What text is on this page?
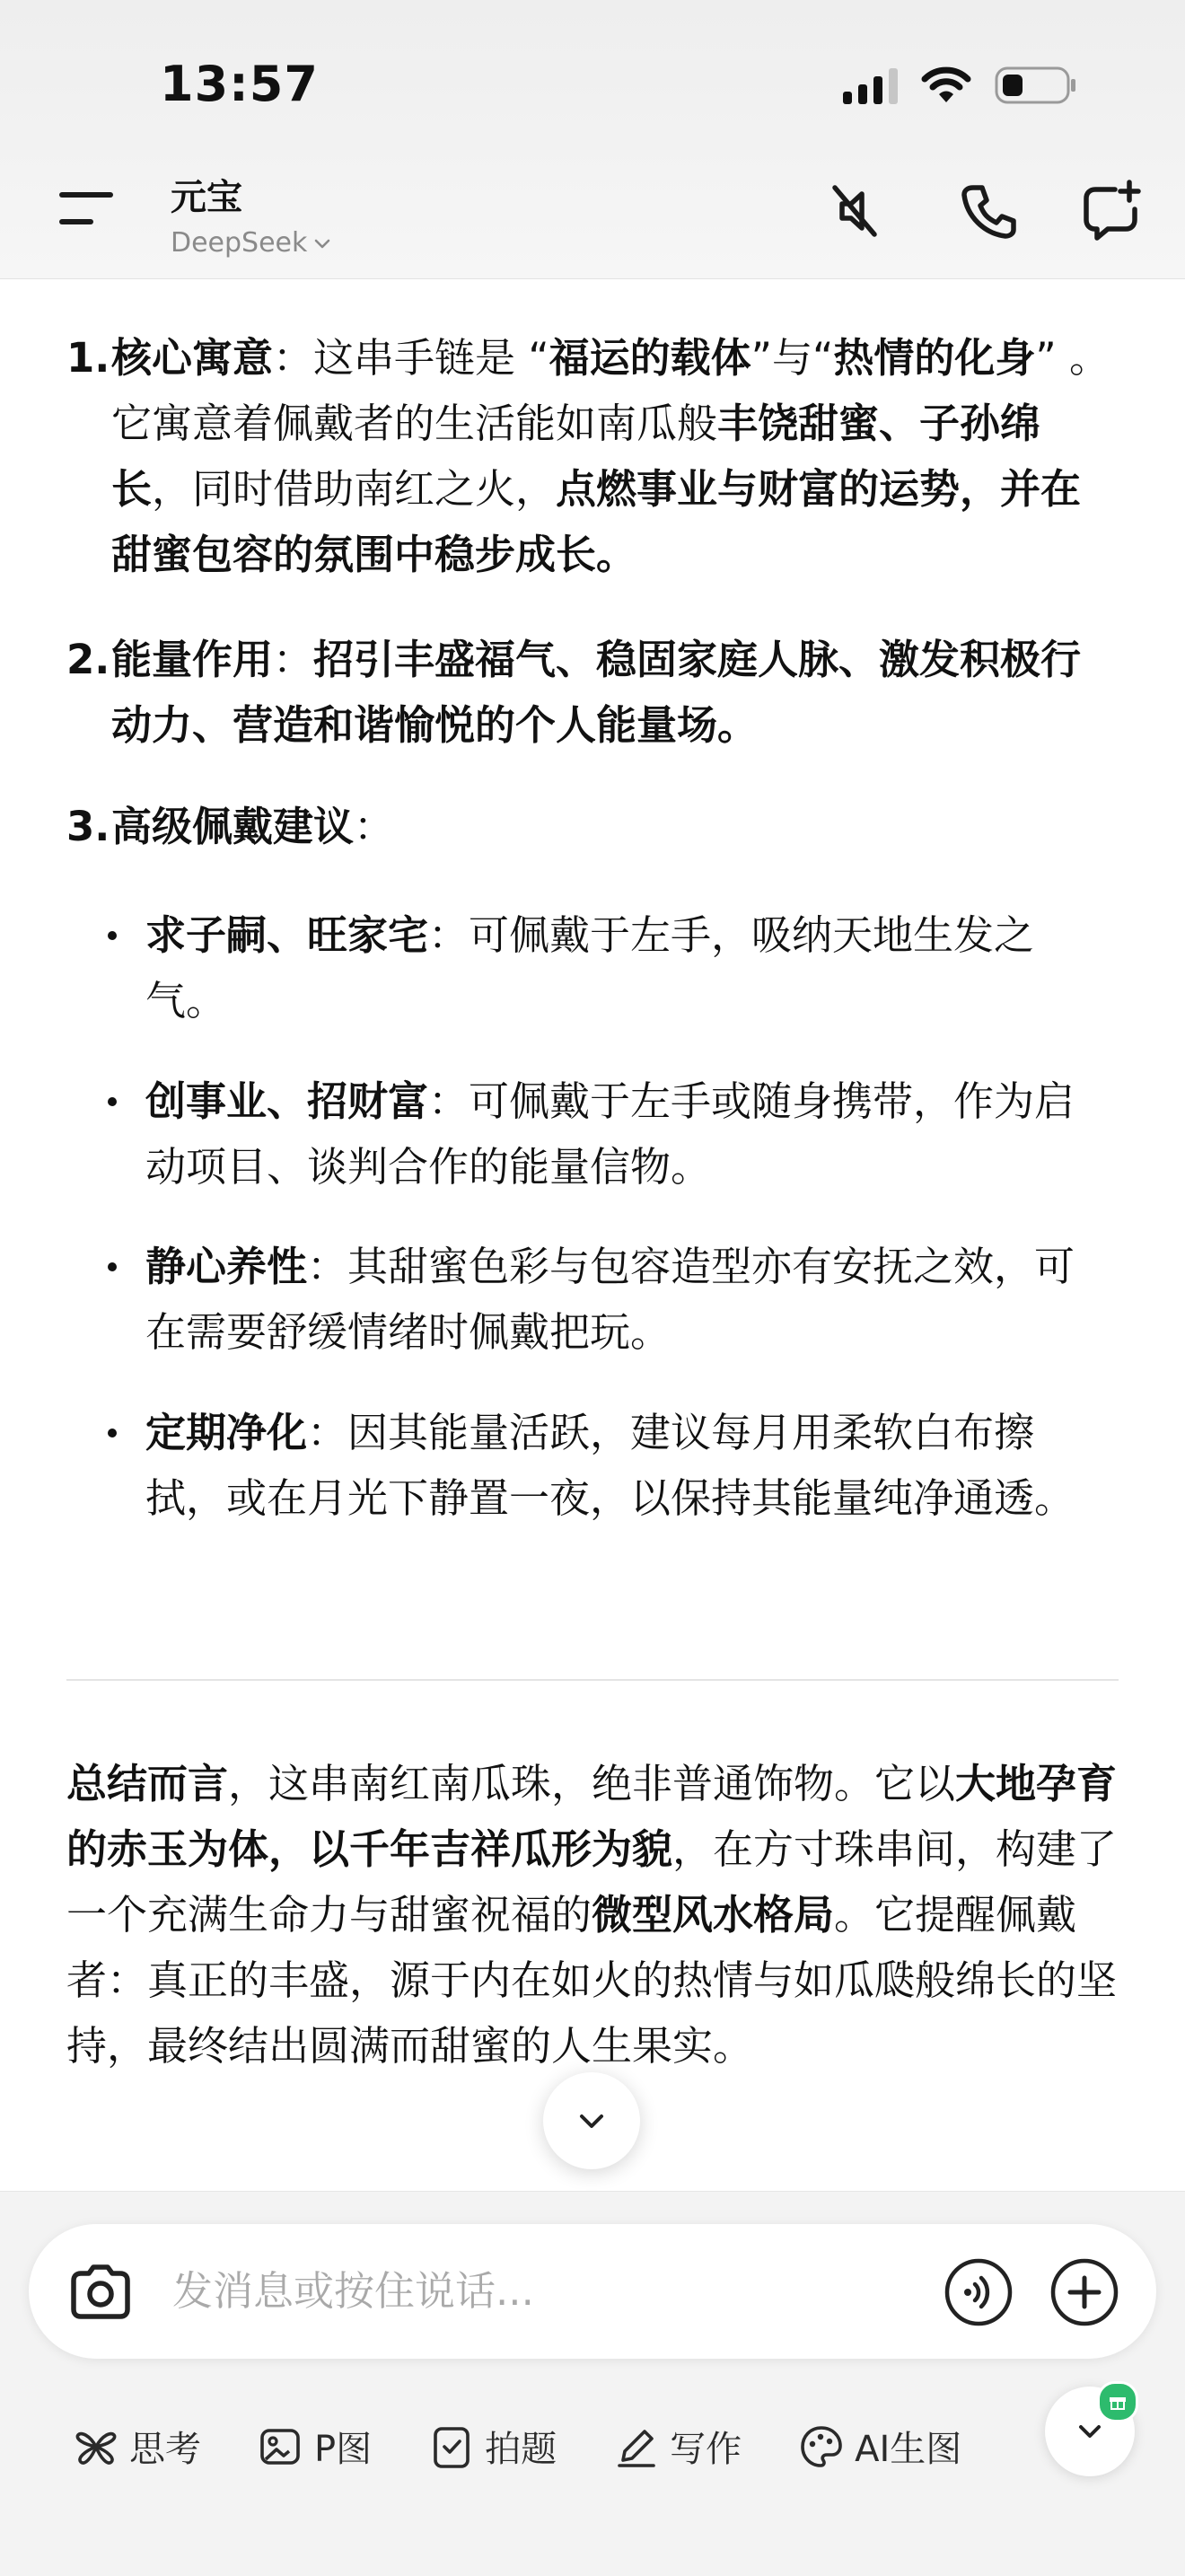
13:57
元宝
DeepSeek
1. 核心寓意：这串手链是 “福运的载体”与“热情的化身” 。它寓意着佩戴者的生活能如南瓜般丰饶甜蜜、子孙绵长，同时借助南红之火，点燃事业与财富的运势，并在甜蜜包容的氛围中稳步成长。
2. 能量作用：招引丰盛福气、稳固家庭人脉、激发积极行动力、营造和谐愉悦的个人能量场。
3. 高级佩戴建议：
求子嗣、旺家宅：可佩戴于左手，吸纳天地生发之气。
创事业、招财富：可佩戴于左手或随身携带，作为启动项目、谈判合作的能量信物。
静心养性：其甜蜜色彩与包容造型亦有安抚之效，可在需要舒缓情绪时佩戴把玩。
定期净化：因其能量活跃，建议每月用柔软白布擦拭，或在月光下静置一夜，以保持其能量纯净通透。
总结而言，这串南红南瓜珠，绝非普通饰物。它以大地孕育的赤玉为体，以千年吉祥瓜形为貌，在方寸珠串间，构建了一个充满生命力与甜蜜祝福的微型风水格局。它提醒佩戴者：真正的丰盛，源于内在如火的热情与如瓜瓞般绵长的坚持，最终结出圆满而甜蜜的人生果实。
发消息或按住说话...
思考	P图	拍题	写作	AI生图
